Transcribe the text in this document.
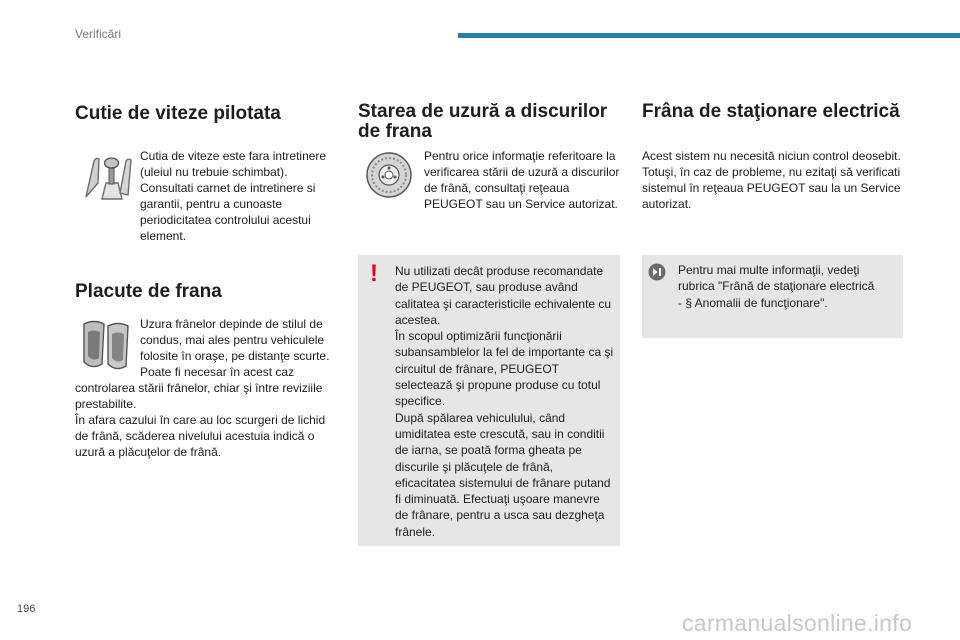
Verificări
Cutie de viteze pilotata

Cutia de viteze este fara intretinere (uleiul nu trebuie schimbat). Consultati carnet de intretinere si garantii, pentru a cunoaste periodicitatea controlului acestui element.

Placute de frana

Uzura frânelor depinde de stilul de condus, mai ales pentru vehiculele folosite în oraşe, pe distanţe scurte. Poate fi necesar în acest caz

controlarea stării frânelor, chiar şi între reviziile prestabilite.

În afara cazului în care au loc scurgeri de lichid de frână, scăderea nivelului acestuia indică o uzură a plăcuţelor de frână.

Starea de uzură a discurilor de frana

Pentru orice informaţie referitoare la verificarea stării de uzură a discurilor de frână, consultaţi reţeaua PEUGEOT sau un Service autorizat.

! Nu utilizati decât produse recomandate de PEUGEOT, sau produse având calitatea şi caracteristicile echivalente cu acestea.

În scopul optimizării funcţionării subansamblelor la fel de importante ca şi circuitul de frânare, PEUGEOT selectează şi propune produse cu totul specifice.

După spălarea vehiculului, când umiditatea este crescută, sau in conditii de iarna, se poată forma gheata pe discurile şi plăcuţele de frână, eficacitatea sistemului de frânare putand fi diminuată. Efectuaţi uşoare manevre de frânare, pentru a usca sau dezgheţa frânele.

Frâna de staţionare electrică

Acest sistem nu necesită niciun control deosebit. Totuşi, în caz de probleme, nu ezitaţi să verificati sistemul în reţeaua PEUGEOT sau la un Service autorizat.

Pentru mai multe informaţii, vedeţi rubrica "Frână de staţionare electrică - § Anomalii de funcţionare".

196
carmanualsonline.info
